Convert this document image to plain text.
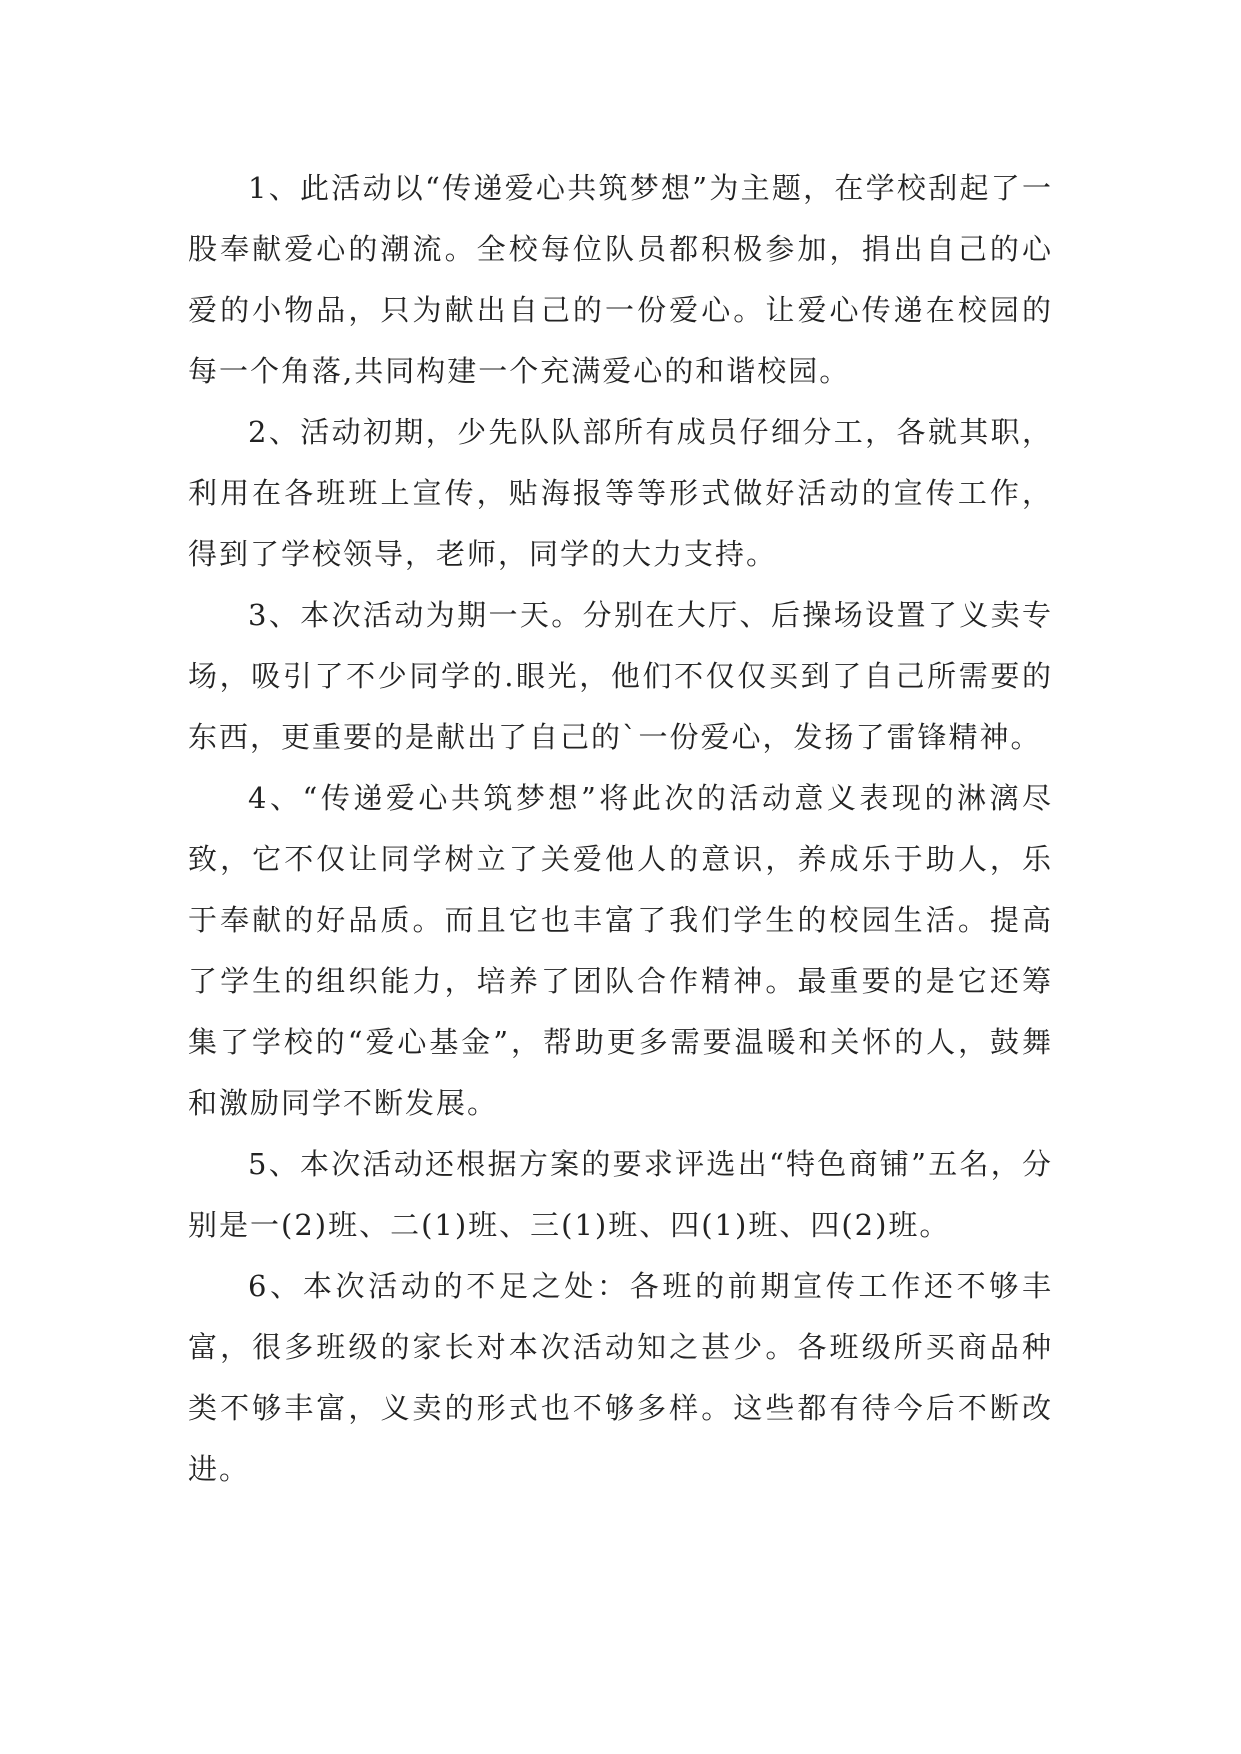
1、此活动以“传递爱心共筑梦想”为主题，在学校刮起了一股奉献爱心的潮流。全校每位队员都积极参加，捐出自己的心爱的小物品，只为献出自己的一份爱心。让爱心传递在校园的每一个角落,共同构建一个充满爱心的和谐校园。

2、活动初期，少先队队部所有成员仔细分工，各就其职，利用在各班班上宣传，贴海报等等形式做好活动的宣传工作，得到了学校领导，老师，同学的大力支持。

3、本次活动为期一天。分别在大厅、后操场设置了义卖专场，吸引了不少同学的.眼光，他们不仅仅买到了自己所需要的东西，更重要的是献出了自己的`一份爱心，发扬了雷锋精神。

4、“传递爱心共筑梦想”将此次的活动意义表现的淋漓尽致，它不仅让同学树立了关爱他人的意识，养成乐于助人，乐于奉献的好品质。而且它也丰富了我们学生的校园生活。提高了学生的组织能力，培养了团队合作精神。最重要的是它还筹集了学校的“爱心基金”，帮助更多需要温暖和关怀的人，鼓舞和激励同学不断发展。

5、本次活动还根据方案的要求评选出“特色商铺”五名，分别是一(2)班、二(1)班、三(1)班、四(1)班、四(2)班。

6、本次活动的不足之处：各班的前期宣传工作还不够丰富，很多班级的家长对本次活动知之甚少。各班级所买商品种类不够丰富，义卖的形式也不够多样。这些都有待今后不断改进。
